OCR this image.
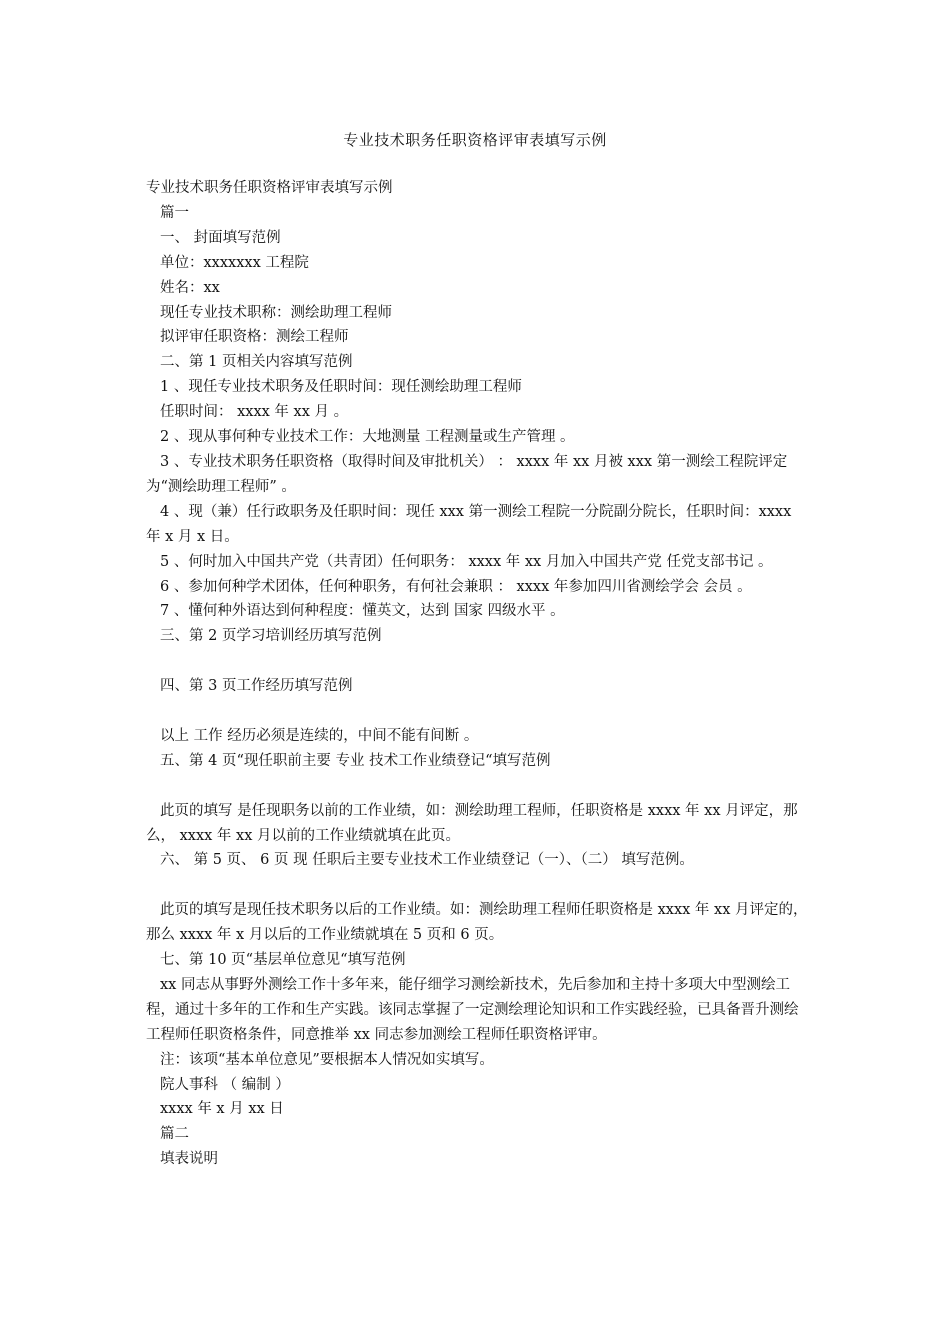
专业技术职务任职资格评审表填写示例

专业技术职务任职资格评审表填写示例

篇一

一、 封面填写范例

单位：xxxxxxx 工程院

姓名：xx

现任专业技术职称：测绘助理工程师

拟评审任职资格：测绘工程师

二、第 1 页相关内容填写范例

1 、现任专业技术职务及任职时间：现任测绘助理工程师

任职时间： xxxx 年 xx 月 。

2 、现从事何种专业技术工作：大地测量 工程测量或生产管理 。

3 、专业技术职务任职资格（取得时间及审批机关） ： xxxx 年 xx 月被 xxx 第一测绘工程院评定为“测绘助理工程师” 。

4 、现（兼）任行政职务及任职时间：现任 xxx 第一测绘工程院一分院副分院长，任职时间：xxxx 年 x 月 x 日。

5 、何时加入中国共产党（共青团）任何职务： xxxx 年 xx 月加入中国共产党 任党支部书记 。

6 、参加何种学术团体，任何种职务，有何社会兼职 ： xxxx 年参加四川省测绘学会 会员 。

7 、懂何种外语达到何种程度：懂英文，达到 国家 四级水平 。

三、第 2 页学习培训经历填写范例

四、第 3 页工作经历填写范例

以上 工作 经历必须是连续的，中间不能有间断 。

五、第 4 页“现任职前主要 专业 技术工作业绩登记“填写范例

此页的填写 是任现职务以前的工作业绩，如：测绘助理工程师，任职资格是 xxxx 年 xx 月评定，那么， xxxx 年 xx 月以前的工作业绩就填在此页。

六、 第 5 页、 6 页 现 任职后主要专业技术工作业绩登记（一）、（二） 填写范例。

此页的填写是现任技术职务以后的工作业绩。如：测绘助理工程师任职资格是 xxxx 年 xx 月评定的，那么 xxxx 年 x 月以后的工作业绩就填在 5 页和 6 页。

七、第 10 页“基层单位意见“填写范例

xx 同志从事野外测绘工作十多年来，能仔细学习测绘新技术，先后参加和主持十多项大中型测绘工程，通过十多年的工作和生产实践。该同志掌握了一定测绘理论知识和工作实践经验，已具备晋升测绘工程师任职资格条件，同意推举 xx 同志参加测绘工程师任职资格评审。

注：该项“基本单位意见”要根据本人情况如实填写。

院人事科 （ 编制 ）

xxxx 年 x 月 xx 日

篇二

填表说明
